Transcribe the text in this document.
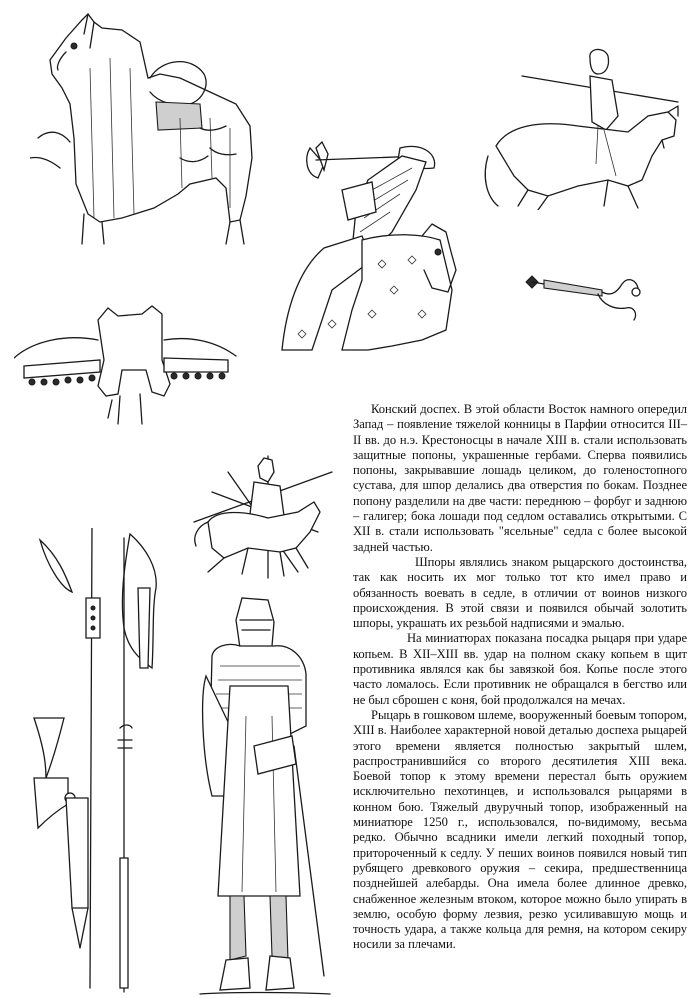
Конский доспех. В этой области Восток намного опередил Запад – появление тяжелой конницы в Парфии относится III–II вв. до н.э. Крестоносцы в начале XIII в. стали использовать защитные попоны, украшенные гербами. Сперва появились попоны, закрывавшие лошадь целиком, до голеностопного сустава, для шпор делались два отверстия по бокам. Позднее попону разделили на две части: переднюю – форбуг и заднюю – галигер; бока лошади под седлом оставались открытыми. С XII в. стали использовать "ясельные" седла с более высокой задней частью.

Шпоры являлись знаком рыцарского достоинства, так как носить их мог только тот кто имел право и обязанность воевать в седле, в отличии от воинов низкого происхождения. В этой связи и появился обычай золотить шпоры, украшать их резьбой надписями и эмалью.

На миниатюрах показана посадка рыцаря при ударе копьем. В XII–XIII вв. удар на полном скаку копьем в щит противника являлся как бы завязкой боя. Копье после этого часто ломалось. Если противник не обращался в бегство или не был сброшен с коня, бой продолжался на мечах.

Рыцарь в гошковом шлеме, вооруженный боевым топором, XIII в. Наиболее характерной новой деталью доспеха рыцарей этого времени является полностью закрытый шлем, распространившийся со второго десятилетия XIII века. Боевой топор к этому времени перестал быть оружием исключительно пехотинцев, и использовался рыцарями в конном бою. Тяжелый двуручный топор, изображенный на миниатюре 1250 г., использовался, по-видимому, весьма редко. Обычно всадники имели легкий походный топор, притороченный к седлу. У пеших воинов появился новый тип рубящего древкового оружия – секира, предшественница позднейшей алебарды. Она имела более длинное древко, снабженное железным втоком, которое можно было упирать в землю, особую форму лезвия, резко усиливавшую мощь и точность удара, а также кольца для ремня, на котором секиру носили за плечами.
